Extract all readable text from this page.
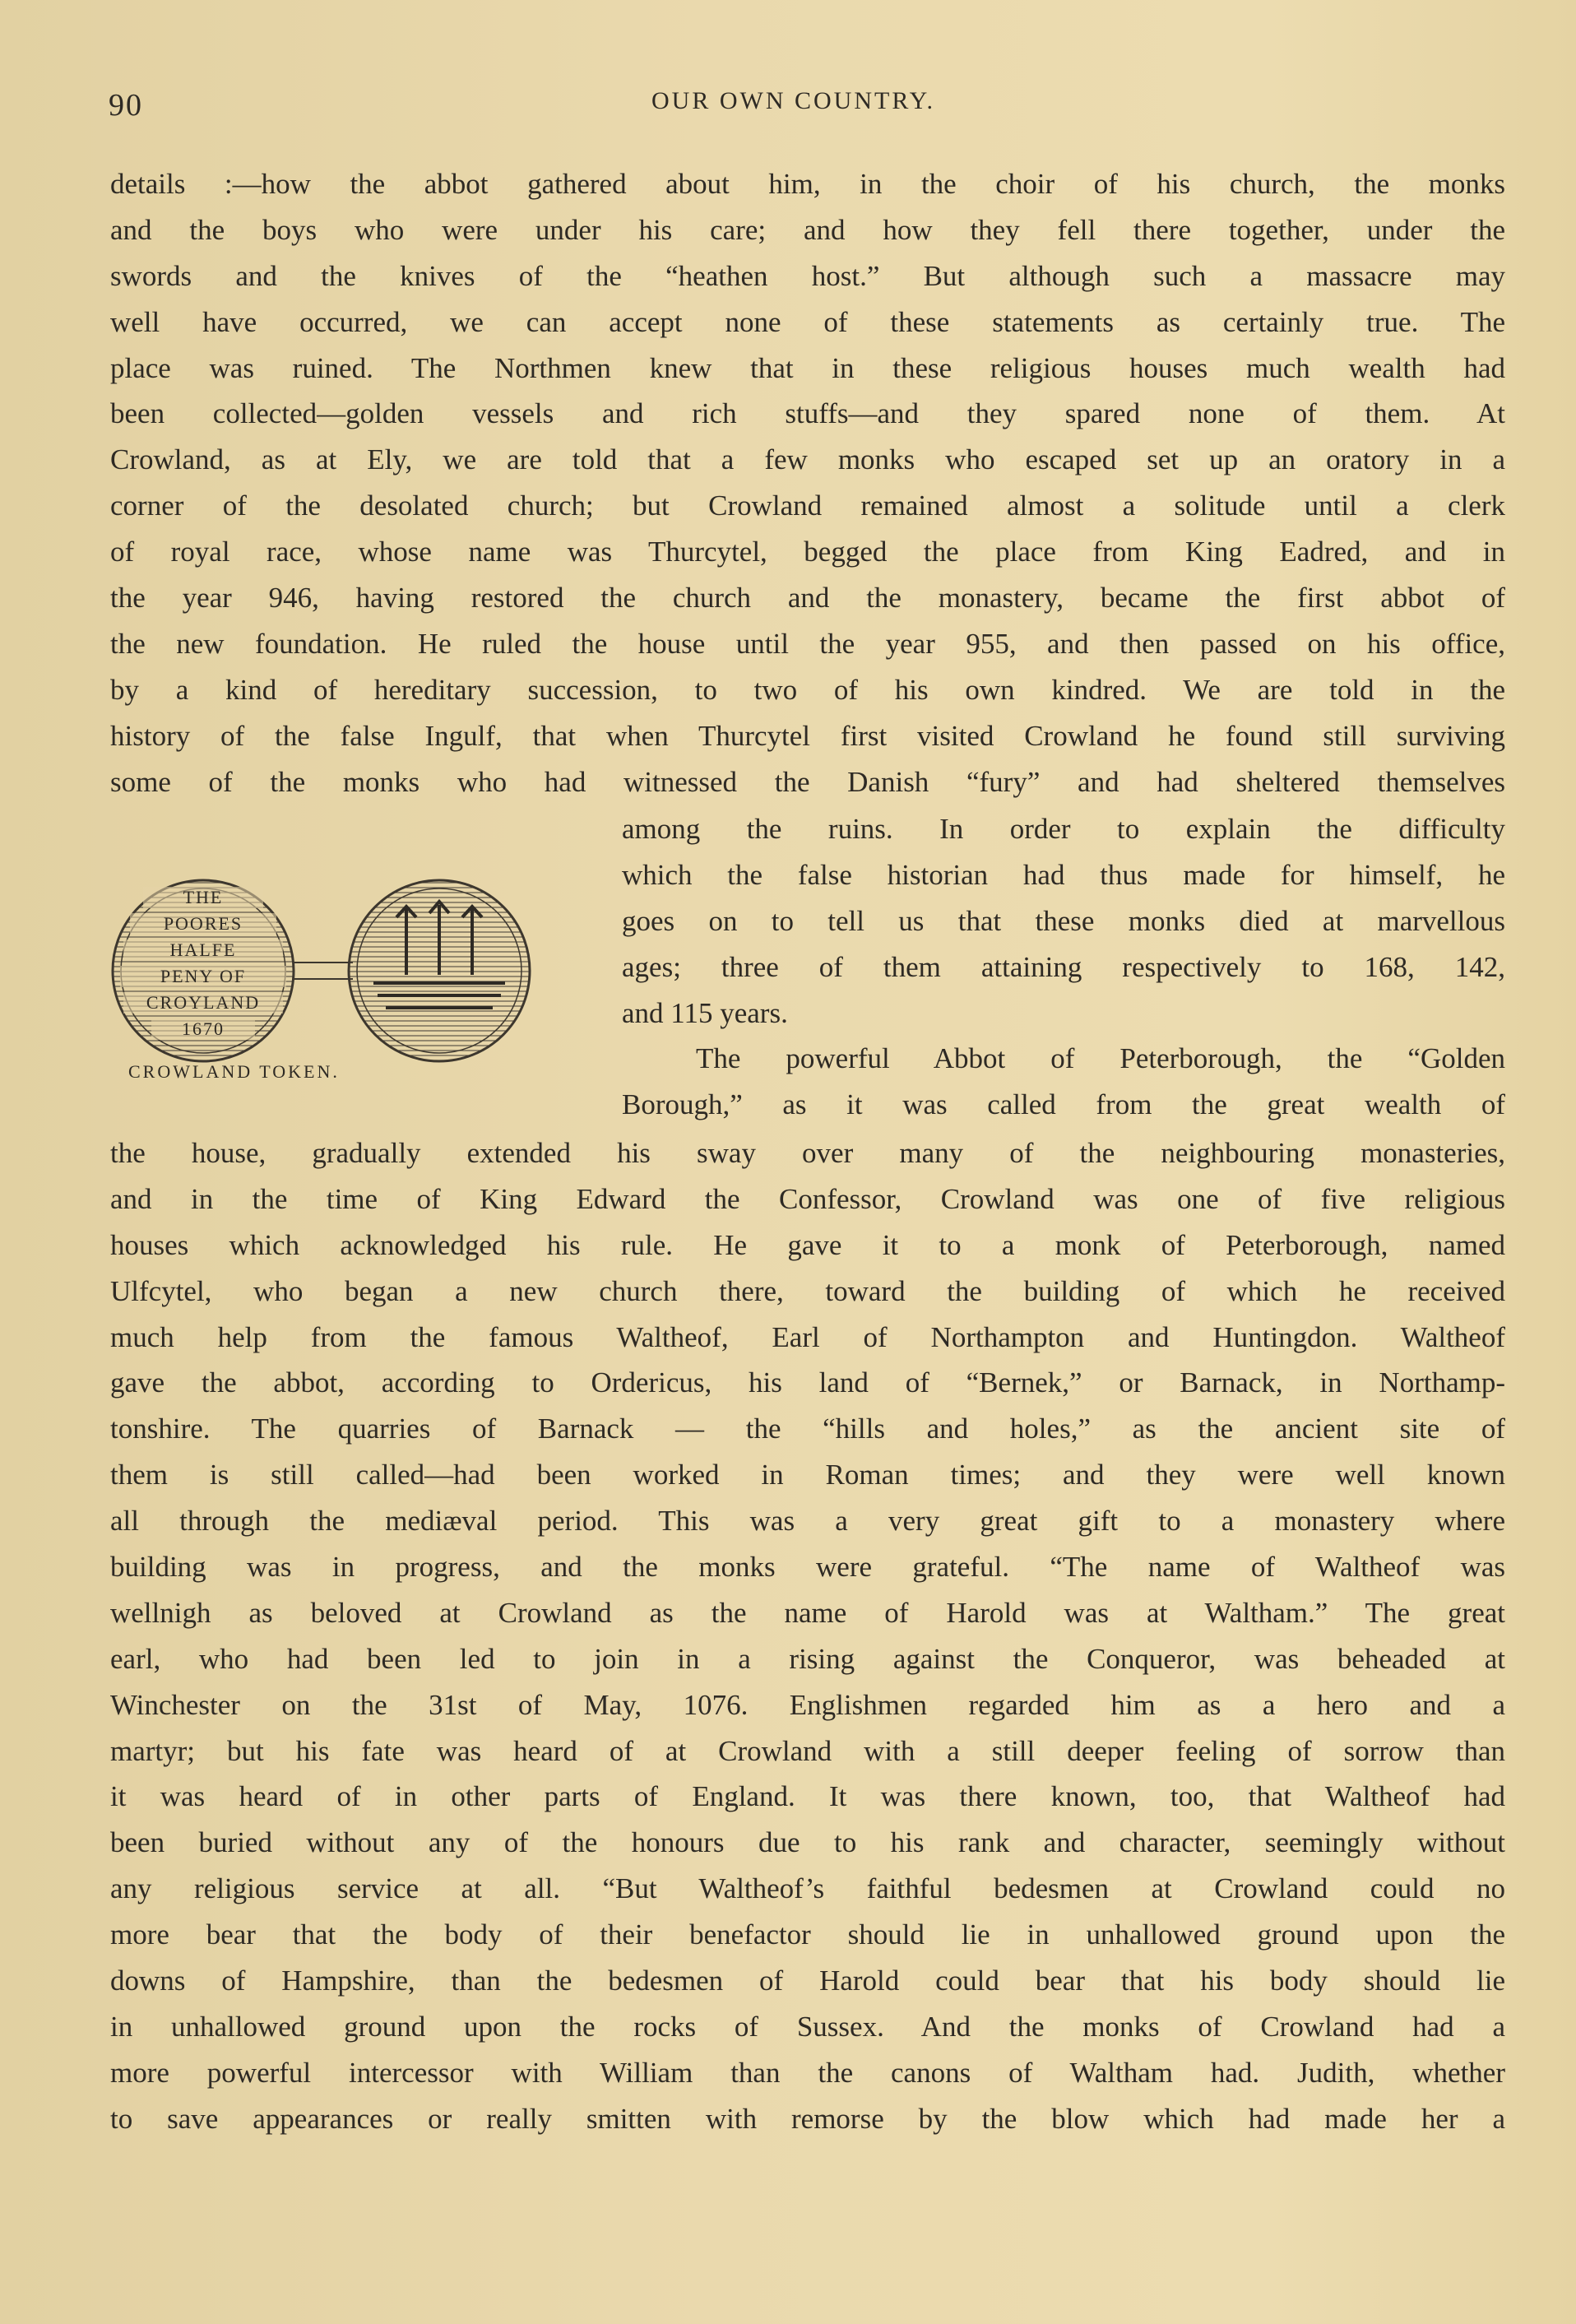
90	OUR OWN COUNTRY.
details :—how the abbot gathered about him, in the choir of his church, the monks
and the boys who were under his care; and how they fell there together, under the
swords and the knives of the “heathen host.” But although such a massacre may
well have occurred, we can accept none of these statements as certainly true. The
place was ruined. The Northmen knew that in these religious houses much wealth had
been collected—golden vessels and rich stuffs—and they spared none of them. At
Crowland, as at Ely, we are told that a few monks who escaped set up an oratory in a
corner of the desolated church; but Crowland remained almost a solitude until a clerk
of royal race, whose name was Thurcytel, begged the place from King Eadred, and in
the year 946, having restored the church and the monastery, became the first abbot of
the new foundation. He ruled the house until the year 955, and then passed on his office,
by a kind of hereditary succession, to two of his own kindred. We are told in the
history of the false Ingulf, that when Thurcytel first visited Crowland he found still surviving
some of the monks who had witnessed the Danish “fury” and had sheltered themselves
THE
POORES
HALFE
PENY OF
CROYLAND
1670
CROWLAND TOKEN.
among the ruins. In order to explain the difficulty
which the false historian had thus made for himself, he
goes on to tell us that these monks died at marvellous
ages; three of them attaining respectively to 168, 142,
and 115 years.
The powerful Abbot of Peterborough, the “Golden
Borough,” as it was called from the great wealth of
the house, gradually extended his sway over many of the neighbouring monasteries,
and in the time of King Edward the Confessor, Crowland was one of five religious
houses which acknowledged his rule. He gave it to a monk of Peterborough, named
Ulfcytel, who began a new church there, toward the building of which he received
much help from the famous Waltheof, Earl of Northampton and Huntingdon. Waltheof
gave the abbot, according to Ordericus, his land of “Bernek,” or Barnack, in Northamp-
tonshire. The quarries of Barnack — the “hills and holes,” as the ancient site of
them is still called—had been worked in Roman times; and they were well known
all through the mediæval period. This was a very great gift to a monastery where
building was in progress, and the monks were grateful. “The name of Waltheof was
wellnigh as beloved at Crowland as the name of Harold was at Waltham.” The great
earl, who had been led to join in a rising against the Conqueror, was beheaded at
Winchester on the 31st of May, 1076. Englishmen regarded him as a hero and a
martyr; but his fate was heard of at Crowland with a still deeper feeling of sorrow than
it was heard of in other parts of England. It was there known, too, that Waltheof had
been buried without any of the honours due to his rank and character, seemingly without
any religious service at all. “But Waltheof’s faithful bedesmen at Crowland could no
more bear that the body of their benefactor should lie in unhallowed ground upon the
downs of Hampshire, than the bedesmen of Harold could bear that his body should lie
in unhallowed ground upon the rocks of Sussex. And the monks of Crowland had a
more powerful intercessor with William than the canons of Waltham had. Judith, whether
to save appearances or really smitten with remorse by the blow which had made her a
